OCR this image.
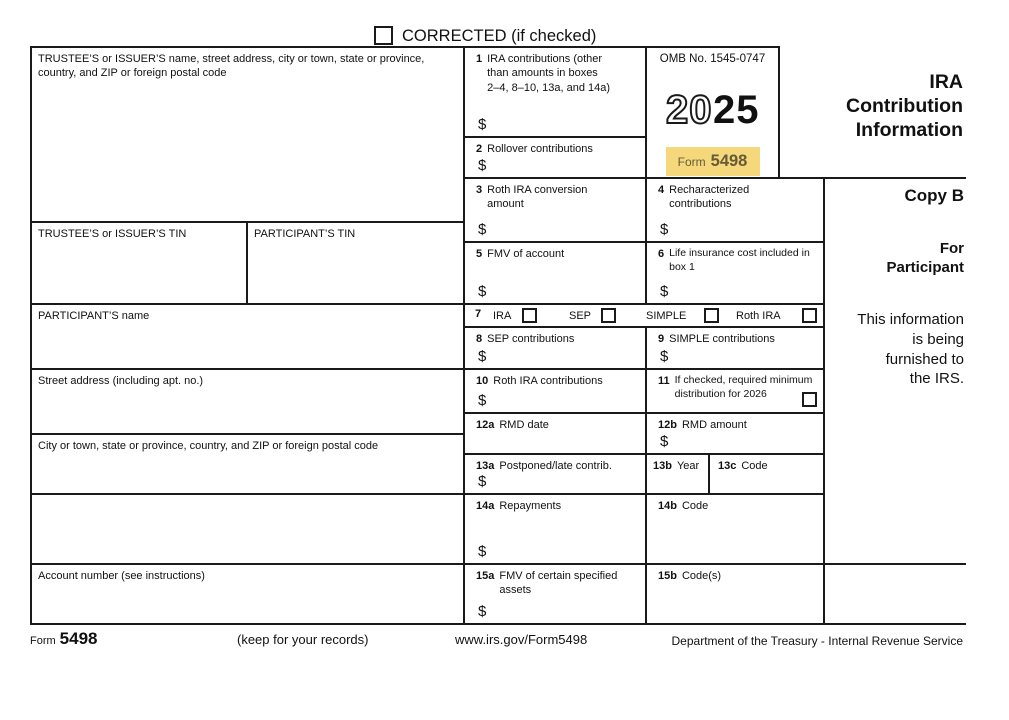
CORRECTED (if checked)
TRUSTEE’S or ISSUER’S name, street address, city or town, state or province, country, and ZIP or foreign postal code
TRUSTEE’S or ISSUER’S TIN	PARTICIPANT’S TIN
PARTICIPANT’S name
Street address (including apt. no.)
City or town, state or province, country, and ZIP or foreign postal code
Account number (see instructions)
1 IRA contributions (other than amounts in boxes 2–4, 8–10, 13a, and 14a)
$
2 Rollover contributions
$
OMB No. 1545-0747
20 25
Form 5498
3 Roth IRA conversion amount
$
4 Recharacterized contributions
$
5 FMV of account
$
6 Life insurance cost included in box 1
$
7 IRA	SEP	SIMPLE	Roth IRA
8 SEP contributions
$
9 SIMPLE contributions
$
10 Roth IRA contributions
$
11 If checked, required minimum distribution for 2026
12a RMD date	12b RMD amount
$
13a Postponed/late contrib.
$
13b Year 13c Code
14a Repayments
$
14b Code
15a FMV of certain specified assets
$
15b Code(s)
IRA
Contribution
Information
Copy B
For
Participant
This information
is being
furnished to
the IRS.
Form 5498	(keep for your records)	www.irs.gov/Form5498	Department of the Treasury - Internal Revenue Service
